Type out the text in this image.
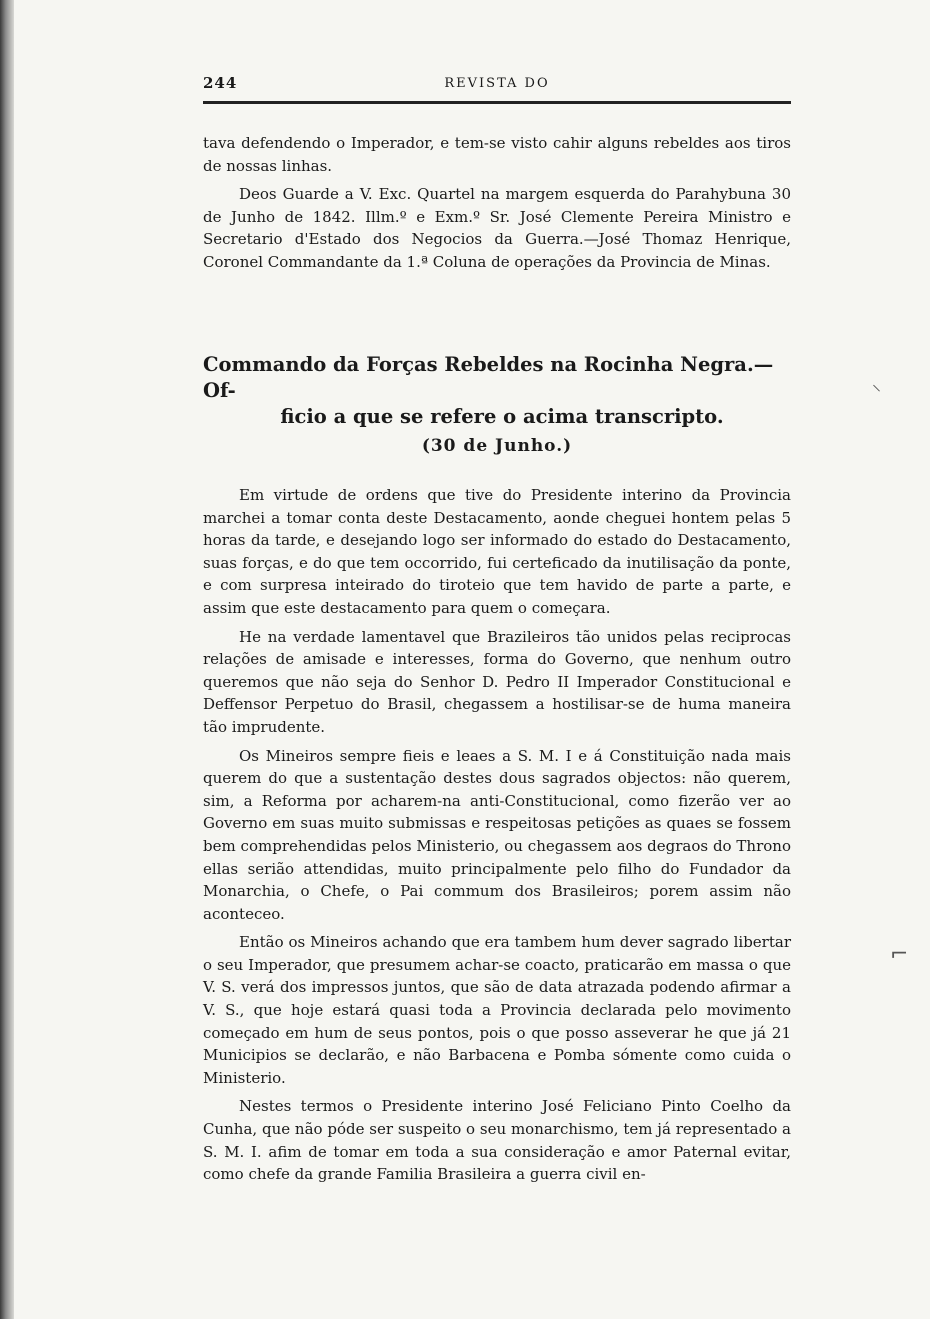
244	REVISTA DO

tava defendendo o Imperador, e tem-se visto cahir alguns rebeldes aos tiros de nossas linhas.

Deos Guarde a V. Exc. Quartel na margem esquerda do Parahybuna 30 de Junho de 1842. Illm.º e Exm.º Sr. José Clemente Pereira Ministro e Secretario d'Estado dos Negocios da Guerra.—José Thomaz Henrique, Coronel Commandante da 1.ª Coluna de operações da Provincia de Minas.

Commando da Forças Rebeldes na Rocinha Negra.—Of-
ficio a que se refere o acima transcripto.
(30 de Junho.)

Em virtude de ordens que tive do Presidente interino da Provincia marchei a tomar conta deste Destacamento, aonde cheguei hontem pelas 5 horas da tarde, e desejando logo ser informado do estado do Destacamento, suas forças, e do que tem occorrido, fui certeficado da inutilisação da ponte, e com surpresa inteirado do tiroteio que tem havido de parte a parte, e assim que este destacamento para quem o começara.

He na verdade lamentavel que Brazileiros tão unidos pelas reciprocas relações de amisade e interesses, forma do Governo, que nenhum outro queremos que não seja do Senhor D. Pedro II Imperador Constitucional e Deffensor Perpetuo do Brasil, chegassem a hostilisar-se de huma maneira tão imprudente.

Os Mineiros sempre fieis e leaes a S. M. I e á Constituição nada mais querem do que a sustentação destes dous sagrados objectos: não querem, sim, a Reforma por acharem-na anti-Constitucional, como fizerão ver ao Governo em suas muito submissas e respeitosas petições as quaes se fossem bem comprehendidas pelos Ministerio, ou chegassem aos degraos do Throno ellas serião attendidas, muito principalmente pelo filho do Fundador da Monarchia, o Chefe, o Pai commum dos Brasileiros; porem assim não aconteceo.

Então os Mineiros achando que era tambem hum dever sagrado libertar o seu Imperador, que presumem achar-se coacto, praticarão em massa o que V. S. verá dos impressos juntos, que são de data atrazada podendo afirmar a V. S., que hoje estará quasi toda a Provincia declarada pelo movimento começado em hum de seus pontos, pois o que posso asseverar he que já 21 Municipios se declarão, e não Barbacena e Pomba sómente como cuida o Ministerio.

Nestes termos o Presidente interino José Feliciano Pinto Coelho da Cunha, que não póde ser suspeito o seu monarchismo, tem já representado a S. M. I. afim de tomar em toda a sua consideração e amor Paternal evitar, como chefe da grande Familia Brasileira a guerra civil en-

⸜
⌐
